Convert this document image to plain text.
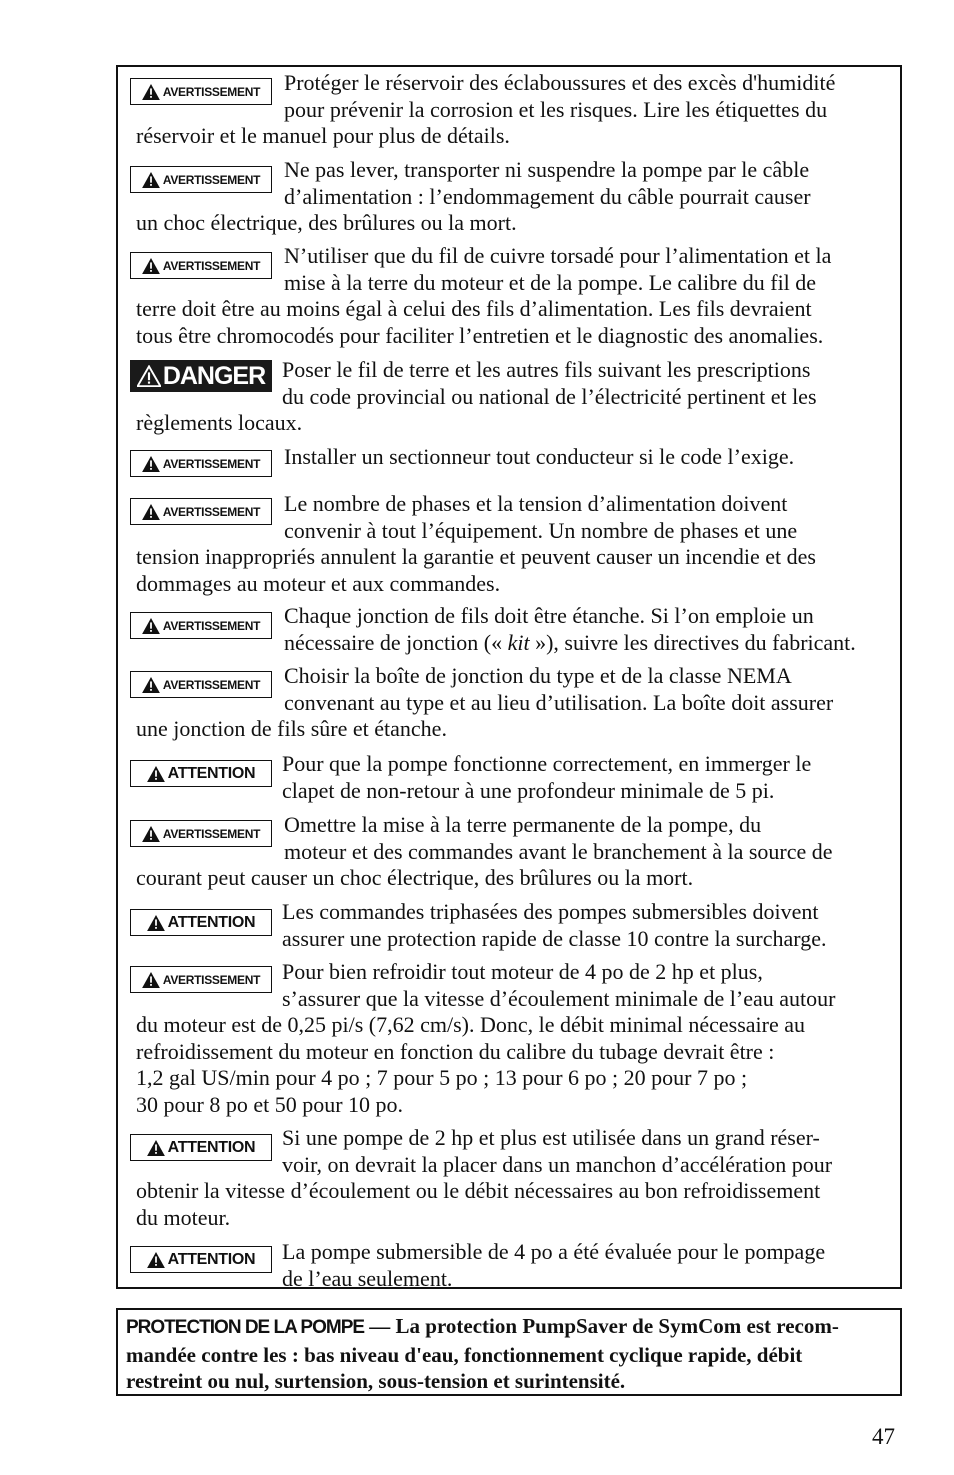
AVERTISSEMENT Protéger le réservoir des éclaboussures et des excès d'humidité
pour prévenir la corrosion et les risques. Lire les étiquettes du
réservoir et le manuel pour plus de détails.
AVERTISSEMENT Ne pas lever, transporter ni suspendre la pompe par le câble
d’alimentation : l’endommagement du câble pourrait causer
un choc électrique, des brûlures ou la mort.
AVERTISSEMENT N’utiliser que du fil de cuivre torsadé pour l’alimentation et la
mise à la terre du moteur et de la pompe. Le calibre du fil de
terre doit être au moins égal à celui des fils d’alimentation. Les fils devraient
tous être chromocodés pour faciliter l’entretien et le diagnostic des anomalies.
DANGER Poser le fil de terre et les autres fils suivant les prescriptions
du code provincial ou national de l’électricité pertinent et les
règlements locaux.
AVERTISSEMENT Installer un sectionneur tout conducteur si le code l’exige.
AVERTISSEMENT Le nombre de phases et la tension d’alimentation doivent
convenir à tout l’équipement. Un nombre de phases et une
tension inappropriés annulent la garantie et peuvent causer un incendie et des
dommages au moteur et aux commandes.
AVERTISSEMENT Chaque jonction de fils doit être étanche. Si l’on emploie un
nécessaire de jonction (« kit »), suivre les directives du fabricant.
AVERTISSEMENT Choisir la boîte de jonction du type et de la classe NEMA
convenant au type et au lieu d’utilisation. La boîte doit assurer
une jonction de fils sûre et étanche.
ATTENTION Pour que la pompe fonctionne correctement, en immerger le
clapet de non-retour à une profondeur minimale de 5 pi.
AVERTISSEMENT Omettre la mise à la terre permanente de la pompe, du
moteur et des commandes avant le branchement à la source de
courant peut causer un choc électrique, des brûlures ou la mort.
ATTENTION Les commandes triphasées des pompes submersibles doivent
assurer une protection rapide de classe 10 contre la surcharge.
AVERTISSEMENT Pour bien refroidir tout moteur de 4 po de 2 hp et plus,
s’assurer que la vitesse d’écoulement minimale de l’eau autour
du moteur est de 0,25 pi/s (7,62 cm/s). Donc, le débit minimal nécessaire au
refroidissement du moteur en fonction du calibre du tubage devrait être :
1,2 gal US/min pour 4 po ; 7 pour 5 po ; 13 pour 6 po ; 20 pour 7 po ;
30 pour 8 po et 50 pour 10 po.
ATTENTION Si une pompe de 2 hp et plus est utilisée dans un grand réser-
voir, on devrait la placer dans un manchon d’accélération pour
obtenir la vitesse d’écoulement ou le débit nécessaires au bon refroidissement
du moteur.
ATTENTION La pompe submersible de 4 po a été évaluée pour le pompage
de l’eau seulement.
PROTECTION DE LA POMPE — La protection PumpSaver de SymCom est recom-
mandée contre les : bas niveau d'eau, fonctionnement cyclique rapide, débit
restreint ou nul, surtension, sous-tension et surintensité.
47
